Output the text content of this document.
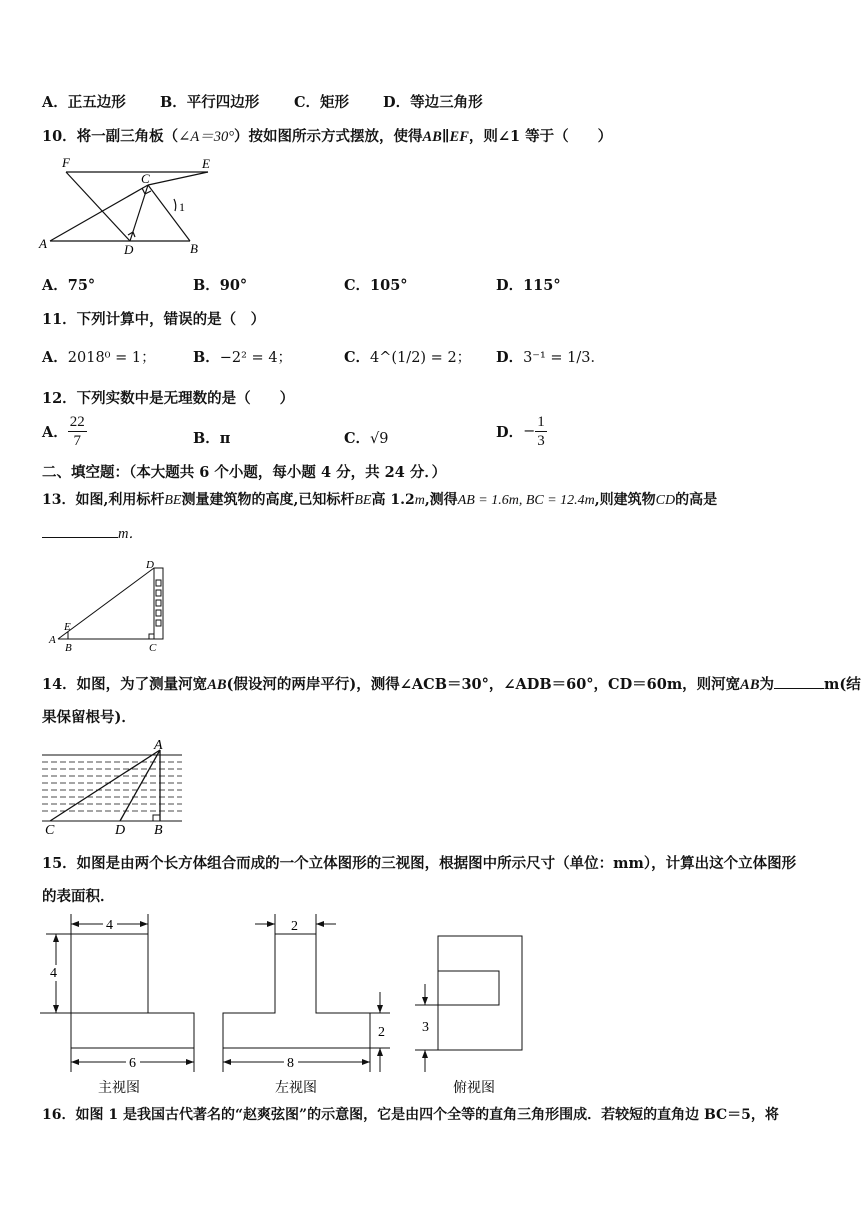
A．正五边形 B．平行四边形 C．矩形 D．等边三角形
10．将一副三角板（∠A＝30°）按如图所示方式摆放，使得AB∥EF，则∠1 等于（　　）
F	E
C
1
A	D	B
A．75°	B．90°	C．105°	D．115°
11．下列计算中，错误的是（　）
A．2018⁰ = 1；	B．−2² = 4；	C．4^(1/2) = 2； D．3⁻¹ = 1/3．
12．下列实数中是无理数的是（　　）
A． $\frac{22}{7}$	B．π	C．√9	D．− $\frac{1}{3}$
二、填空题：（本大题共 6 个小题，每小题 4 分，共 24 分．）
13．如图,利用标杆BE测量建筑物的高度,已知标杆BE高 1.2m,测得AB = 1.6m, BC = 12.4m,则建筑物CD的高是
m．
D
E
A
B	C
14．如图，为了测量河宽AB(假设河的两岸平行)，测得∠ACB＝30°，∠ADB＝60°，CD＝60m，则河宽AB为	m(结
果保留根号)．
A
C	D B
15．如图是由两个长方体组合而成的一个立体图形的三视图，根据图中所示尺寸（单位：mm），计算出这个立体图形
的表面积．
4
4
6
主视图
2
2
8
左视图
3
俯视图
16．如图 1 是我国古代著名的“赵爽弦图”的示意图，它是由四个全等的直角三角形围成．若较短的直角边 BC＝5，将
